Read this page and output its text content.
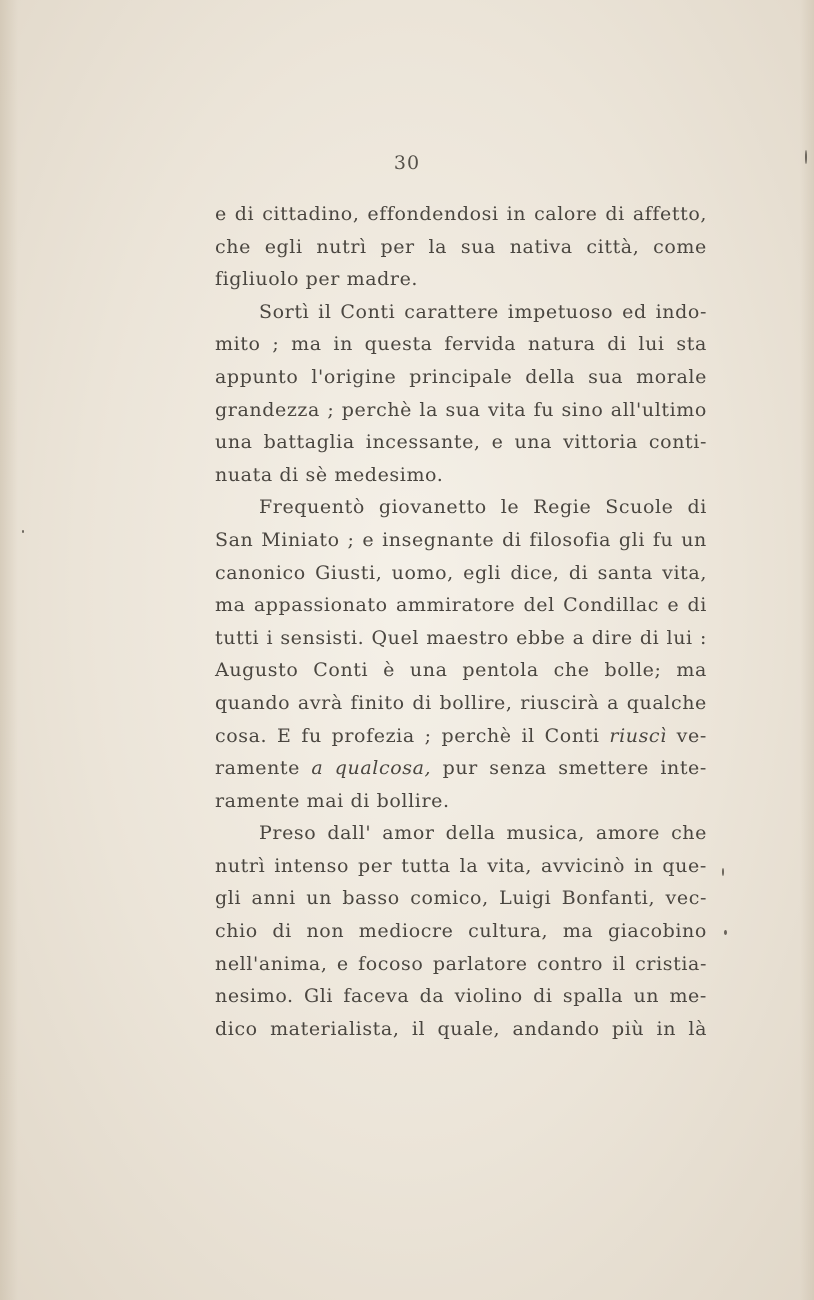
30
e di cittadino, effondendosi in calore di affetto,
che egli nutrì per la sua nativa città, come
figliuolo per madre.
Sortì il Conti carattere impetuoso ed indo-
mito ; ma in questa fervida natura di lui sta
appunto l'origine principale della sua morale
grandezza ; perchè la sua vita fu sino all'ultimo
una battaglia incessante, e una vittoria conti-
nuata di sè medesimo.
Frequentò giovanetto le Regie Scuole di
San Miniato ; e insegnante di filosofia gli fu un
canonico Giusti, uomo, egli dice, di santa vita,
ma appassionato ammiratore del Condillac e di
tutti i sensisti. Quel maestro ebbe a dire di lui :
Augusto Conti è una pentola che bolle; ma
quando avrà finito di bollire, riuscirà a qualche
cosa. E fu profezia ; perchè il Conti riuscì ve-
ramente a qualcosa, pur senza smettere inte-
ramente mai di bollire.
Preso dall' amor della musica, amore che
nutrì intenso per tutta la vita, avvicinò in que-
gli anni un basso comico, Luigi Bonfanti, vec-
chio di non mediocre cultura, ma giacobino
nell'anima, e focoso parlatore contro il cristia-
nesimo. Gli faceva da violino di spalla un me-
dico materialista, il quale, andando più in là
